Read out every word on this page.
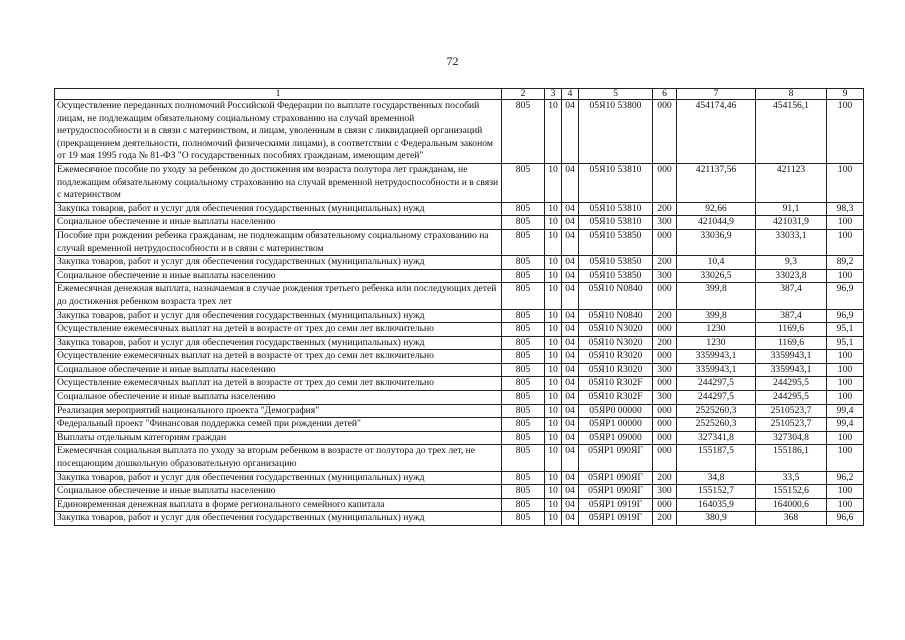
72
1	2	3	4	5	6	7	8	9
Осуществление переданных полномочий Российской Федерации по выплате государственных пособий лицам, не подлежащим обязательному социальному страхованию на случай временной нетрудоспособности и в связи с материнством, и лицам, уволенным в связи с ликвидацией организаций (прекращением деятельности, полномочий физическими лицами), в соответствии с Федеральным законом от 19 мая 1995 года № 81-ФЗ "О государственных пособиях гражданам, имеющим детей"	805	10	04	05Я10 53800	000	454174,46	454156,1	100
Ежемесячное пособие по уходу за ребенком до достижения им возраста полутора лет гражданам, не подлежащим обязательному социальному страхованию на случай временной нетрудоспособности и в связи с материнством	805	10	04	05Я10 53810	000	421137,56	421123	100
Закупка товаров, работ и услуг для обеспечения государственных (муниципальных) нужд	805	10	04	05Я10 53810	200	92,66	91,1	98,3
Социальное обеспечение и иные выплаты населению	805	10	04	05Я10 53810	300	421044,9	421031,9	100
Пособие при рождении ребенка гражданам, не подлежащим обязательному социальному страхованию на случай временной нетрудоспособности и в связи с материнством	805	10	04	05Я10 53850	000	33036,9	33033,1	100
Закупка товаров, работ и услуг для обеспечения государственных (муниципальных) нужд	805	10	04	05Я10 53850	200	10,4	9,3	89,2
Социальное обеспечение и иные выплаты населению	805	10	04	05Я10 53850	300	33026,5	33023,8	100
Ежемесячная денежная выплата, назначаемая в случае рождения третьего ребенка или последующих детей до достижения ребенком возраста трех лет	805	10	04	05Я10 N0840	000	399,8	387,4	96,9
Закупка товаров, работ и услуг для обеспечения государственных (муниципальных) нужд	805	10	04	05Я10 N0840	200	399,8	387,4	96,9
Осуществление ежемесячных выплат на детей в возрасте от трех до семи лет включительно	805	10	04	05Я10 N3020	000	1230	1169,6	95,1
Закупка товаров, работ и услуг для обеспечения государственных (муниципальных) нужд	805	10	04	05Я10 N3020	200	1230	1169,6	95,1
Осуществление ежемесячных выплат на детей в возрасте от трех до семи лет включительно	805	10	04	05Я10 R3020	000	3359943,1	3359943,1	100
Социальное обеспечение и иные выплаты населению	805	10	04	05Я10 R3020	300	3359943,1	3359943,1	100
Осуществление ежемесячных выплат на детей в возрасте от трех до семи лет включительно	805	10	04	05Я10 R302F	000	244297,5	244295,5	100
Социальное обеспечение и иные выплаты населению	805	10	04	05Я10 R302F	300	244297,5	244295,5	100
Реализация мероприятий национального проекта "Демография"	805	10	04	05ЯР0 00000	000	2525260,3	2510523,7	99,4
Федеральный проект "Финансовая поддержка семей при рождении детей"	805	10	04	05ЯР1 00000	000	2525260,3	2510523,7	99,4
Выплаты отдельным категориям граждан	805	10	04	05ЯР1 09000	000	327341,8	327304,8	100
Ежемесячная социальная выплата по уходу за вторым ребенком в возрасте от полутора до трех лет, не посещающим дошкольную образовательную организацию	805	10	04	05ЯР1 090ЯГ	000	155187,5	155186,1	100
Закупка товаров, работ и услуг для обеспечения государственных (муниципальных) нужд	805	10	04	05ЯР1 090ЯГ	200	34,8	33,5	96,2
Социальное обеспечение и иные выплаты населению	805	10	04	05ЯР1 090ЯГ	300	155152,7	155152,6	100
Единовременная денежная выплата в форме регионального семейного капитала	805	10	04	05ЯР1 0919Г	000	164035,9	164000,6	100
Закупка товаров, работ и услуг для обеспечения государственных (муниципальных) нужд	805	10	04	05ЯР1 0919Г	200	380,9	368	96,6
